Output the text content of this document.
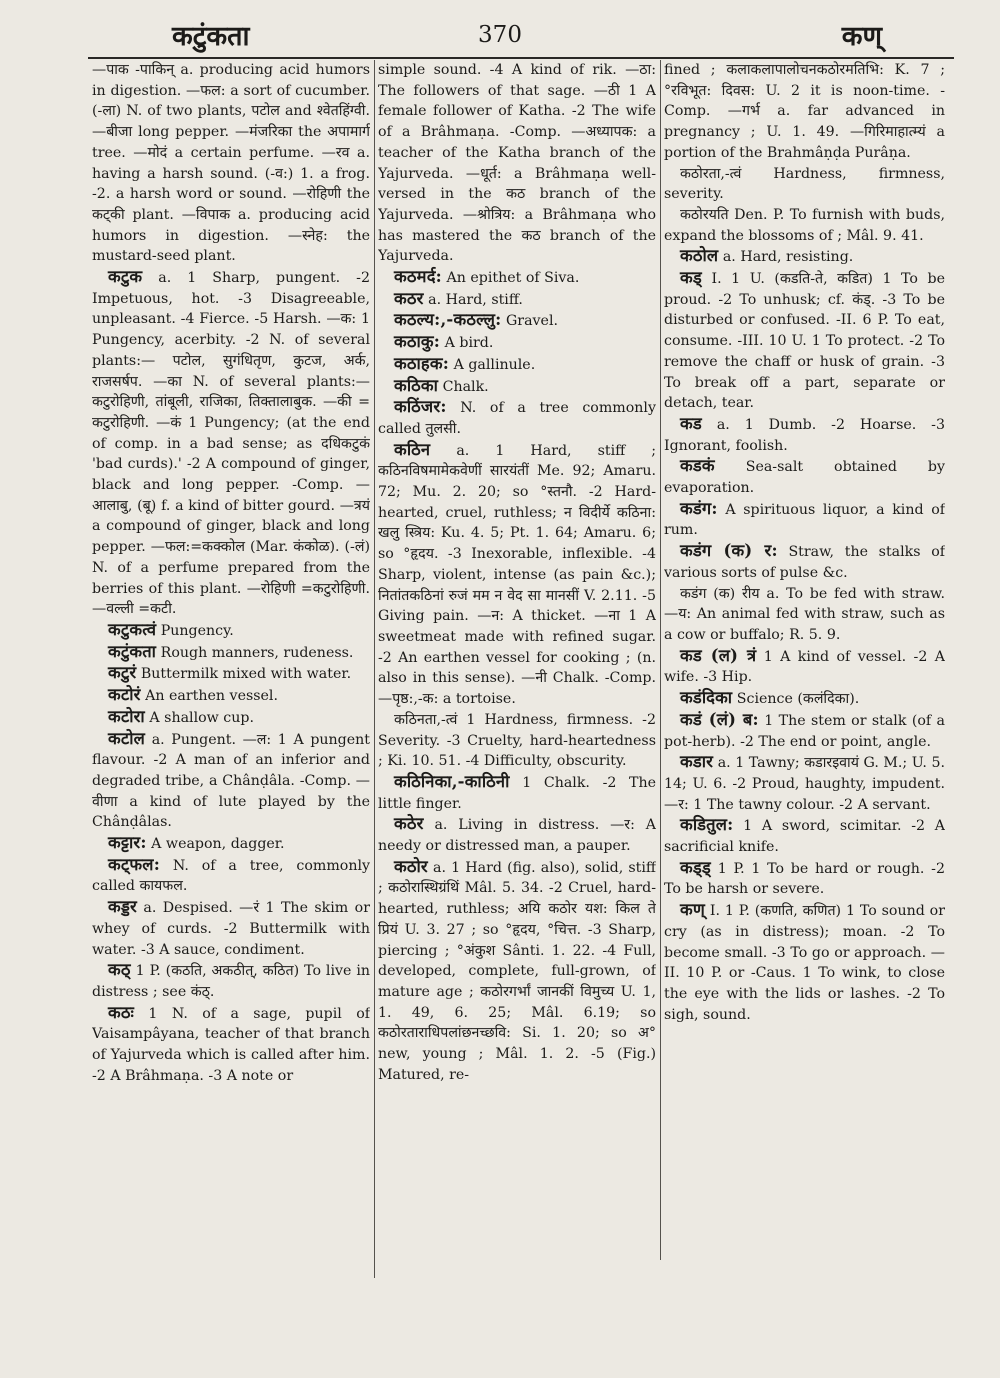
कटुंकता	370	कण्

—पाक -पाकिन् a. producing acid humors in digestion. —फल: a sort of cucumber. (-ला) N. of two plants, पटोल and श्वेतहिंग्वी. —बीजा long pepper. —मंजरिका the अपामार्ग tree. —मोदं a certain perfume. —रव a. having a harsh sound. (-व:) 1. a frog. -2. a harsh word or sound. —रोहिणी the कट्की plant. —विपाक a. producing acid humors in digestion. —स्नेह: the mustard-seed plant.

कटुक a. 1 Sharp, pungent. -2 Impetuous, hot. -3 Disagreeable, unpleasant. -4 Fierce. -5 Harsh. —क: 1 Pungency, acerbity. -2 N. of several plants:— पटोल, सुगंधितृण, कुटज, अर्क, राजसर्षप. —का N. of several plants:— कटुरोहिणी, तांबूली, राजिका, तिक्तालाबुक. —की = कटुरोहिणी. —कं 1 Pungency; (at the end of comp. in a bad sense; as दधिकटुकं 'bad curds).' -2 A compound of ginger, black and long pepper. -Comp. —आलाबु, (बू) f. a kind of bitter gourd. —त्रयं a compound of ginger, black and long pepper. —फल:=कक्कोल (Mar. कंकोळ). (-लं) N. of a perfume prepared from the berries of this plant. —रोहिणी =कटुरोहिणी. —वल्ली =कटी.

कटुकत्वं Pungency.

कटुंकता Rough manners, rudeness.

कटुरं Buttermilk mixed with water.

कटोरं An earthen vessel.

कटोरा A shallow cup.

कटोल a. Pungent. —ल: 1 A pungent flavour. -2 A man of an inferior and degraded tribe, a Chânḍâla. -Comp. —वीणा a kind of lute played by the Chânḍâlas.

कट्टार: A weapon, dagger.

कट्फल: N. of a tree, commonly called कायफल.

कड्डर a. Despised. —रं 1 The skim or whey of curds. -2 Buttermilk with water. -3 A sauce, condiment.

कठ् 1 P. (कठति, अकठीत्, कठित) To live in distress ; see कंठ्.

कठः 1 N. of a sage, pupil of Vaisampâyana, teacher of that branch of Yajurveda which is called after him. -2 A Brâhmaṇa. -3 A note or

simple sound. -4 A kind of rik. —ठा: The followers of that sage. —ठी 1 A female follower of Katha. -2 The wife of a Brâhmaṇa. -Comp. —अध्यापक: a teacher of the Katha branch of the Yajurveda. —धूर्त: a Brâhmaṇa well-versed in the कठ branch of the Yajurveda. —श्रोत्रिय: a Brâhmaṇa who has mastered the कठ branch of the Yajurveda.

कठमर्द: An epithet of Siva.

कठर a. Hard, stiff.

कठल्य:,-कठल्लु: Gravel.

कठाकु: A bird.

कठाहक: A gallinule.

कठिका Chalk.

कठिंजर: N. of a tree commonly called तुलसी.

कठिन a. 1 Hard, stiff ; कठिनविषमामेकवेणीं सारयंतीं Me. 92; Amaru. 72; Mu. 2. 20; so °स्तनौ. -2 Hard-hearted, cruel, ruthless; न विदीर्ये कठिना: खलु स्त्रिय: Ku. 4. 5; Pt. 1. 64; Amaru. 6; so °हृदय. -3 Inexorable, inflexible. -4 Sharp, violent, intense (as pain &c.); नितांतकठिनां रुजं मम न वेद सा मानसीं V. 2.11. -5 Giving pain. —न: A thicket. —ना 1 A sweetmeat made with refined sugar. -2 An earthen vessel for cooking ; (n. also in this sense). —नी Chalk. -Comp. —पृष्ठ:,-क: a tortoise.

कठिनता,-त्वं 1 Hardness, firmness. -2 Severity. -3 Cruelty, hard-heartedness ; Ki. 10. 51. -4 Difficulty, obscurity.

कठिनिका,-काठिनी 1 Chalk. -2 The little finger.

कठेर a. Living in distress. —र: A needy or distressed man, a pauper.

कठोर a. 1 Hard (fig. also), solid, stiff ; कठोरास्थिग्रंथिं Mâl. 5. 34. -2 Cruel, hard-hearted, ruthless; अयि कठोर यश: किल ते प्रियं U. 3. 27 ; so °हृदय, °चित्त. -3 Sharp, piercing ; °अंकुश Sânti. 1. 22. -4 Full, developed, complete, full-grown, of mature age ; कठोरगर्भां जानकीं विमुच्य U. 1, 1. 49, 6. 25; Mâl. 6.19; so कठोरताराधिपलांछनच्छवि: Si. 1. 20; so अ° new, young ; Mâl. 1. 2. -5 (Fig.) Matured, re-

fined ; कलाकलापालोचनकठोरमतिभि: K. 7 ; °रविभूत: दिवस: U. 2 it is noon-time. -Comp. —गर्भ a. far advanced in pregnancy ; U. 1. 49. —गिरिमाहात्म्यं a portion of the Brahmâṇḍa Purâṇa.

कठोरता,-त्वं Hardness, firmness, severity.

कठोरयति Den. P. To furnish with buds, expand the blossoms of ; Mâl. 9. 41.

कठोल a. Hard, resisting.

कड् I. 1 U. (कडति-ते, कडित) 1 To be proud. -2 To unhusk; cf. कंड्. -3 To be disturbed or confused. -II. 6 P. To eat, consume. -III. 10 U. 1 To protect. -2 To remove the chaff or husk of grain. -3 To break off a part, separate or detach, tear.

कड a. 1 Dumb. -2 Hoarse. -3 Ignorant, foolish.

कडकं Sea-salt obtained by evaporation.

कडंग: A spirituous liquor, a kind of rum.

कडंग (क) र: Straw, the stalks of various sorts of pulse &c.

कडंग (क) रीय a. To be fed with straw. —य: An animal fed with straw, such as a cow or buffalo; R. 5. 9.

कड (ल) त्रं 1 A kind of vessel. -2 A wife. -3 Hip.

कडंदिका Science (कलंदिका).

कडं (लं) ब: 1 The stem or stalk (of a pot-herb). -2 The end or point, angle.

कडार a. 1 Tawny; कडारइवायं G. M.; U. 5. 14; U. 6. -2 Proud, haughty, impudent. —र: 1 The tawny colour. -2 A servant.

कडितुल: 1 A sword, scimitar. -2 A sacrificial knife.

कड्ड् 1 P. 1 To be hard or rough. -2 To be harsh or severe.

कण् I. 1 P. (कणति, कणित) 1 To sound or cry (as in distress); moan. -2 To become small. -3 To go or approach. —II. 10 P. or -Caus. 1 To wink, to close the eye with the lids or lashes. -2 To sigh, sound.
